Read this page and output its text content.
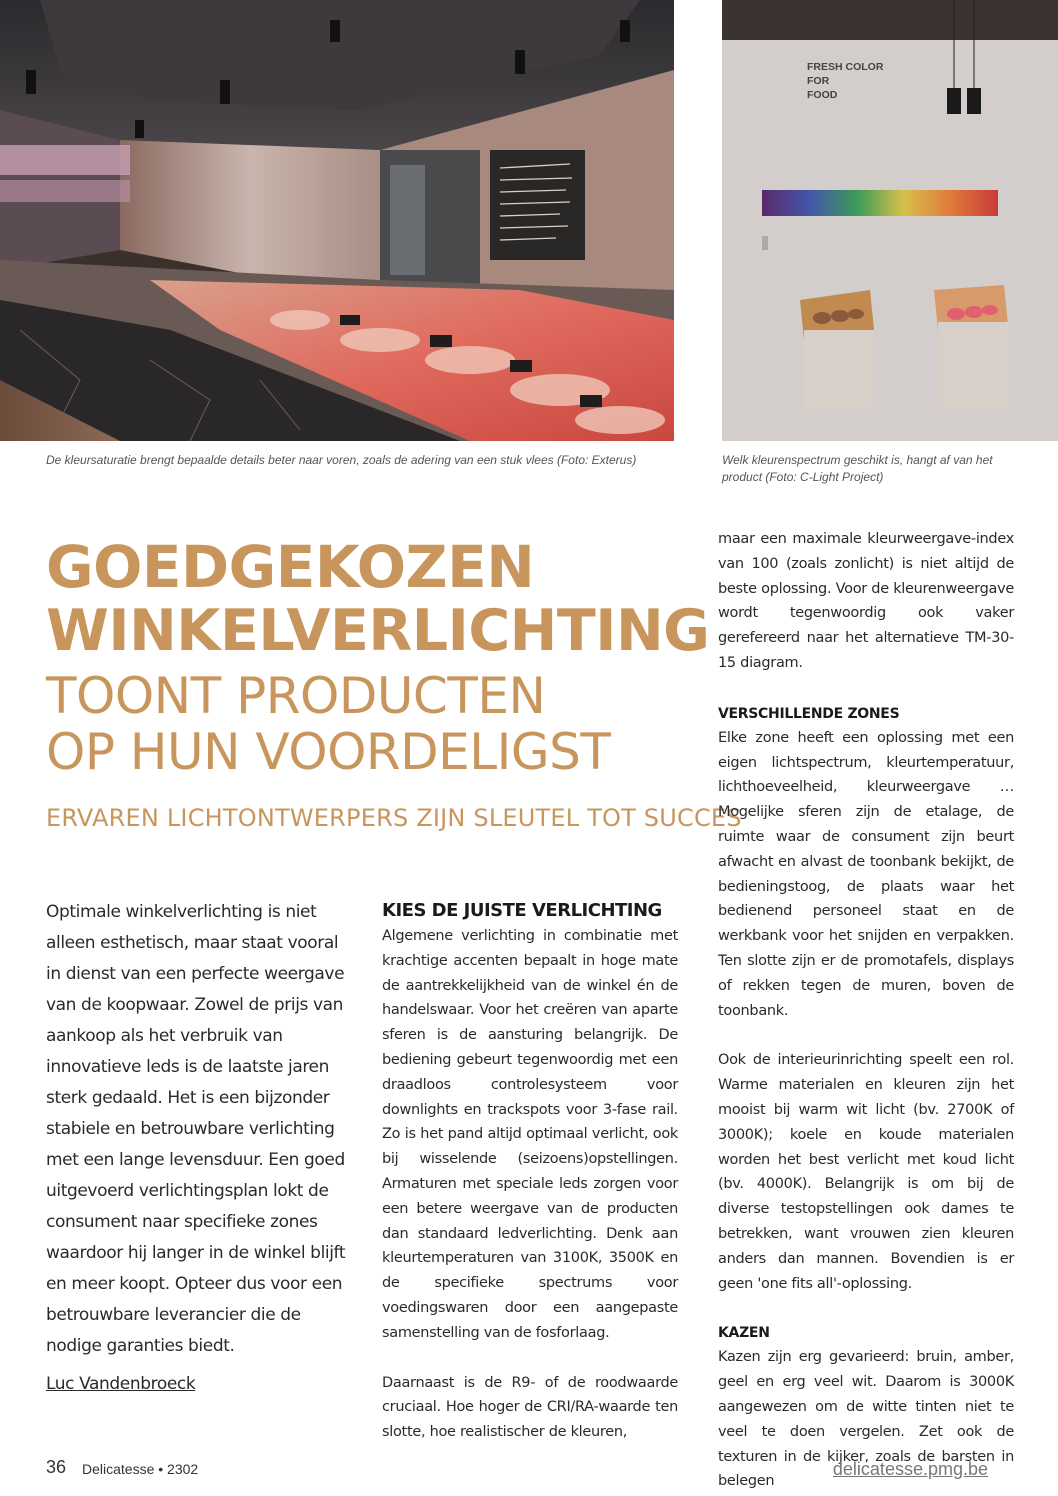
FRESH COLOR
FOR
FOOD
De kleursaturatie brengt bepaalde details beter naar voren, zoals de adering van een stuk vlees (Foto: Exterus)	Welk kleurenspectrum geschikt is, hangt af van het product (Foto: C-Light Project)
GOEDGEKOZEN
WINKELVERLICHTING
TOONT PRODUCTEN
OP HUN VOORDELIGST
ERVAREN LICHTONTWERPERS ZIJN SLEUTEL TOT SUCCES
Optimale winkelverlichting is niet alleen esthetisch, maar staat vooral in dienst van een perfecte weergave van de koopwaar. Zowel de prijs van aankoop als het verbruik van innovatieve leds is de laatste jaren sterk gedaald. Het is een bijzonder stabiele en betrouwbare verlichting met een lange levensduur. Een goed uitgevoerd verlichtingsplan lokt de consument naar specifieke zones waardoor hij langer in de winkel blijft en meer koopt. Opteer dus voor een betrouwbare leverancier die de nodige garanties biedt.
Luc Vandenbroeck
KIES DE JUISTE VERLICHTING

Algemene verlichting in combinatie met krachtige accenten bepaalt in hoge mate de aantrekkelijkheid van de winkel én de handelswaar. Voor het creëren van aparte sferen is de aansturing belangrijk. De bediening gebeurt tegenwoordig met een draadloos controlesysteem voor downlights en trackspots voor 3-fase rail. Zo is het pand altijd optimaal verlicht, ook bij wisselende (seizoens)opstellingen. Armaturen met speciale leds zorgen voor een betere weergave van de producten dan standaard ledverlichting. Denk aan kleurtemperaturen van 3100K, 3500K en de specifieke spectrums voor voedingswaren door een aangepaste samenstelling van de fosforlaag.

Daarnaast is de R9- of de roodwaarde cruciaal. Hoe hoger de CRI/RA-waarde ten slotte, hoe realistischer de kleuren,

maar een maximale kleurweergave-index van 100 (zoals zonlicht) is niet altijd de beste oplossing. Voor de kleurenweergave wordt tegenwoordig ook vaker gerefereerd naar het alternatieve TM-30-15 diagram.

VERSCHILLENDE ZONES

Elke zone heeft een oplossing met een eigen lichtspectrum, kleurtemperatuur, lichthoeveelheid, kleurweergave … Mogelijke sferen zijn de etalage, de ruimte waar de consument zijn beurt afwacht en alvast de toonbank bekijkt, de bedieningstoog, de plaats waar het bedienend personeel staat en de werkbank voor het snijden en verpakken. Ten slotte zijn er de promotafels, displays of rekken tegen de muren, boven de toonbank.

Ook de interieurinrichting speelt een rol. Warme materialen en kleuren zijn het mooist bij warm wit licht (bv. 2700K of 3000K); koele en koude materialen worden het best verlicht met koud licht (bv. 4000K). Belangrijk is om bij de diverse testopstellingen ook dames te betrekken, want vrouwen zien kleuren anders dan mannen. Bovendien is er geen 'one fits all'-oplossing.

KAZEN

Kazen zijn erg gevarieerd: bruin, amber, geel en erg veel wit. Daarom is 3000K aangewezen om de witte tinten niet te veel te doen vergelen. Zet ook de texturen in de kijker, zoals de barsten in belegen

36 Delicatesse • 2302	delicatesse.pmg.be
